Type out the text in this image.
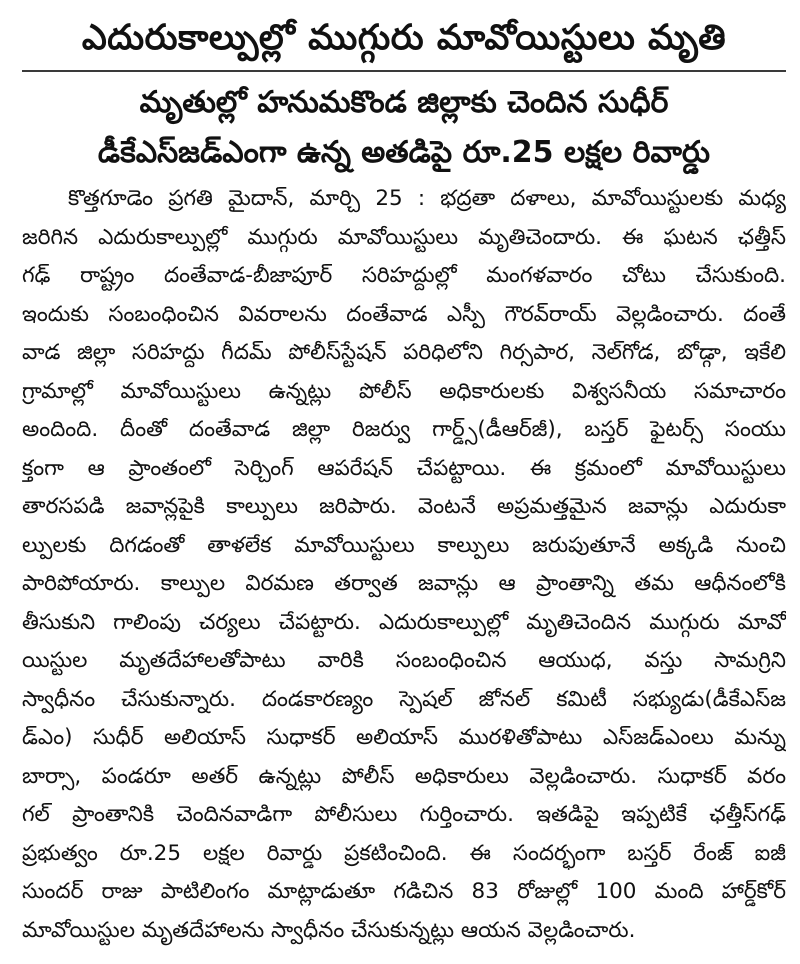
ఎదురుకాల్పుల్లో ముగ్గురు మావోయిస్టులు మృతి
మృతుల్లో హనుమకొండ జిల్లాకు చెందిన సుధీర్
డీకేఎస్‌జడ్‌ఎంగా ఉన్న అతడిపై రూ.25 లక్షల రివార్డు
కొత్తగూడెం ప్రగతి మైదాన్, మార్చి 25 : భద్రతా దళాలు, మావోయిస్టులకు మధ్య
జరిగిన ఎదురుకాల్పుల్లో ముగ్గురు మావోయిస్టులు మృతిచెందారు. ఈ ఘటన ఛత్తీస్
గఢ్ రాష్ట్రం దంతేవాడ-బీజాపూర్ సరిహద్దుల్లో మంగళవారం చోటు చేసుకుంది.
ఇందుకు సంబంధించిన వివరాలను దంతేవాడ ఎస్పీ గౌరవ్‌రాయ్ వెల్లడించారు. దంతే
వాడ జిల్లా సరిహద్దు గీదమ్ పోలీస్‌స్టేషన్ పరిధిలోని గిర్సపార, నెల్‌గోడ, బోడ్గా, ఇకేలి
గ్రామాల్లో మావోయిస్టులు ఉన్నట్లు పోలీస్ అధికారులకు విశ్వసనీయ సమాచారం
అందింది. దీంతో దంతేవాడ జిల్లా రిజర్వు గార్డ్స్(డీఆర్‌జీ), బస్తర్ ఫైటర్స్ సంయు
క్తంగా ఆ ప్రాంతంలో సెర్చింగ్ ఆపరేషన్ చేపట్టాయి. ఈ క్రమంలో మావోయిస్టులు
తారసపడి జవాన్లపైకి కాల్పులు జరిపారు. వెంటనే అప్రమత్తమైన జవాన్లు ఎదురుకా
ల్పులకు దిగడంతో తాళలేక మావోయిస్టులు కాల్పులు జరుపుతూనే అక్కడి నుంచి
పారిపోయారు. కాల్పుల విరమణ తర్వాత జవాన్లు ఆ ప్రాంతాన్ని తమ ఆధీనంలోకి
తీసుకుని గాలింపు చర్యలు చేపట్టారు. ఎదురుకాల్పుల్లో మృతిచెందిన ముగ్గురు మావో
యిస్టుల మృతదేహాలతోపాటు వారికి సంబంధించిన ఆయుధ, వస్తు సామగ్రిని
స్వాధీనం చేసుకున్నారు. దండకారణ్యం స్పెషల్ జోనల్ కమిటీ సభ్యుడు(డీకేఎస్‌జ
డ్‌ఎం) సుధీర్ అలియాస్ సుధాకర్ అలియాస్ మురళితోపాటు ఎస్‌జడ్‌ఎంలు మన్ను
బార్సా, పండరూ అతర్ ఉన్నట్లు పోలీస్ అధికారులు వెల్లడించారు. సుధాకర్ వరం
గల్ ప్రాంతానికి చెందినవాడిగా పోలీసులు గుర్తించారు. ఇతడిపై ఇప్పటికే ఛత్తీస్‌గఢ్
ప్రభుత్వం రూ.25 లక్షల రివార్డు ప్రకటించింది. ఈ సందర్భంగా బస్తర్ రేంజ్ ఐజీ
సుందర్ రాజు పాటిలింగం మాట్లాడుతూ గడిచిన 83 రోజుల్లో 100 మంది హార్డ్‌కోర్
మావోయిస్టుల మృతదేహాలను స్వాధీనం చేసుకున్నట్లు ఆయన వెల్లడించారు.
